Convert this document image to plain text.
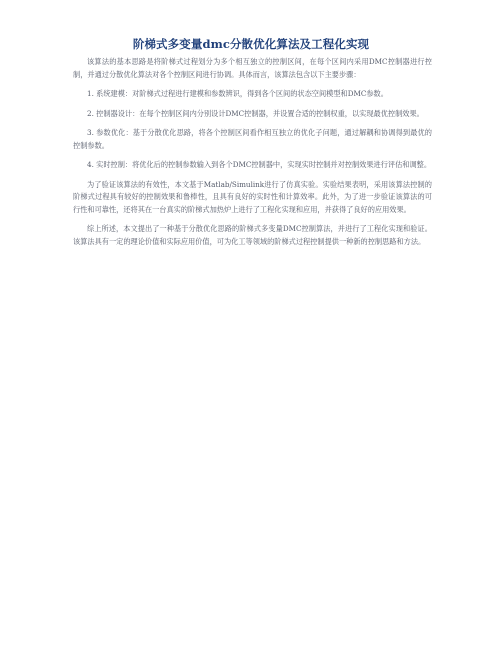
阶梯式多变量dmc分散优化算法及工程化实现

该算法的基本思路是将阶梯式过程划分为多个相互独立的控制区间，在每个区间内采用DMC控制器进行控制，并通过分散优化算法对各个控制区间进行协调。具体而言，该算法包含以下主要步骤：

1. 系统建模：对阶梯式过程进行建模和参数辨识，得到各个区间的状态空间模型和DMC参数。

2. 控制器设计：在每个控制区间内分别设计DMC控制器，并设置合适的控制权重，以实现最优控制效果。

3. 参数优化：基于分散优化思路，将各个控制区间看作相互独立的优化子问题，通过解耦和协调得到最优的控制参数。

4. 实时控制：将优化后的控制参数输入到各个DMC控制器中，实现实时控制并对控制效果进行评估和调整。

为了验证该算法的有效性，本文基于Matlab/Simulink进行了仿真实验。实验结果表明，采用该算法控制的阶梯式过程具有较好的控制效果和鲁棒性，且具有良好的实时性和计算效率。此外，为了进一步验证该算法的可行性和可靠性，还将其在一台真实的阶梯式加热炉上进行了工程化实现和应用，并获得了良好的应用效果。

综上所述，本文提出了一种基于分散优化思路的阶梯式多变量DMC控制算法，并进行了工程化实现和验证。该算法具有一定的理论价值和实际应用价值，可为化工等领域的阶梯式过程控制提供一种新的控制思路和方法。
